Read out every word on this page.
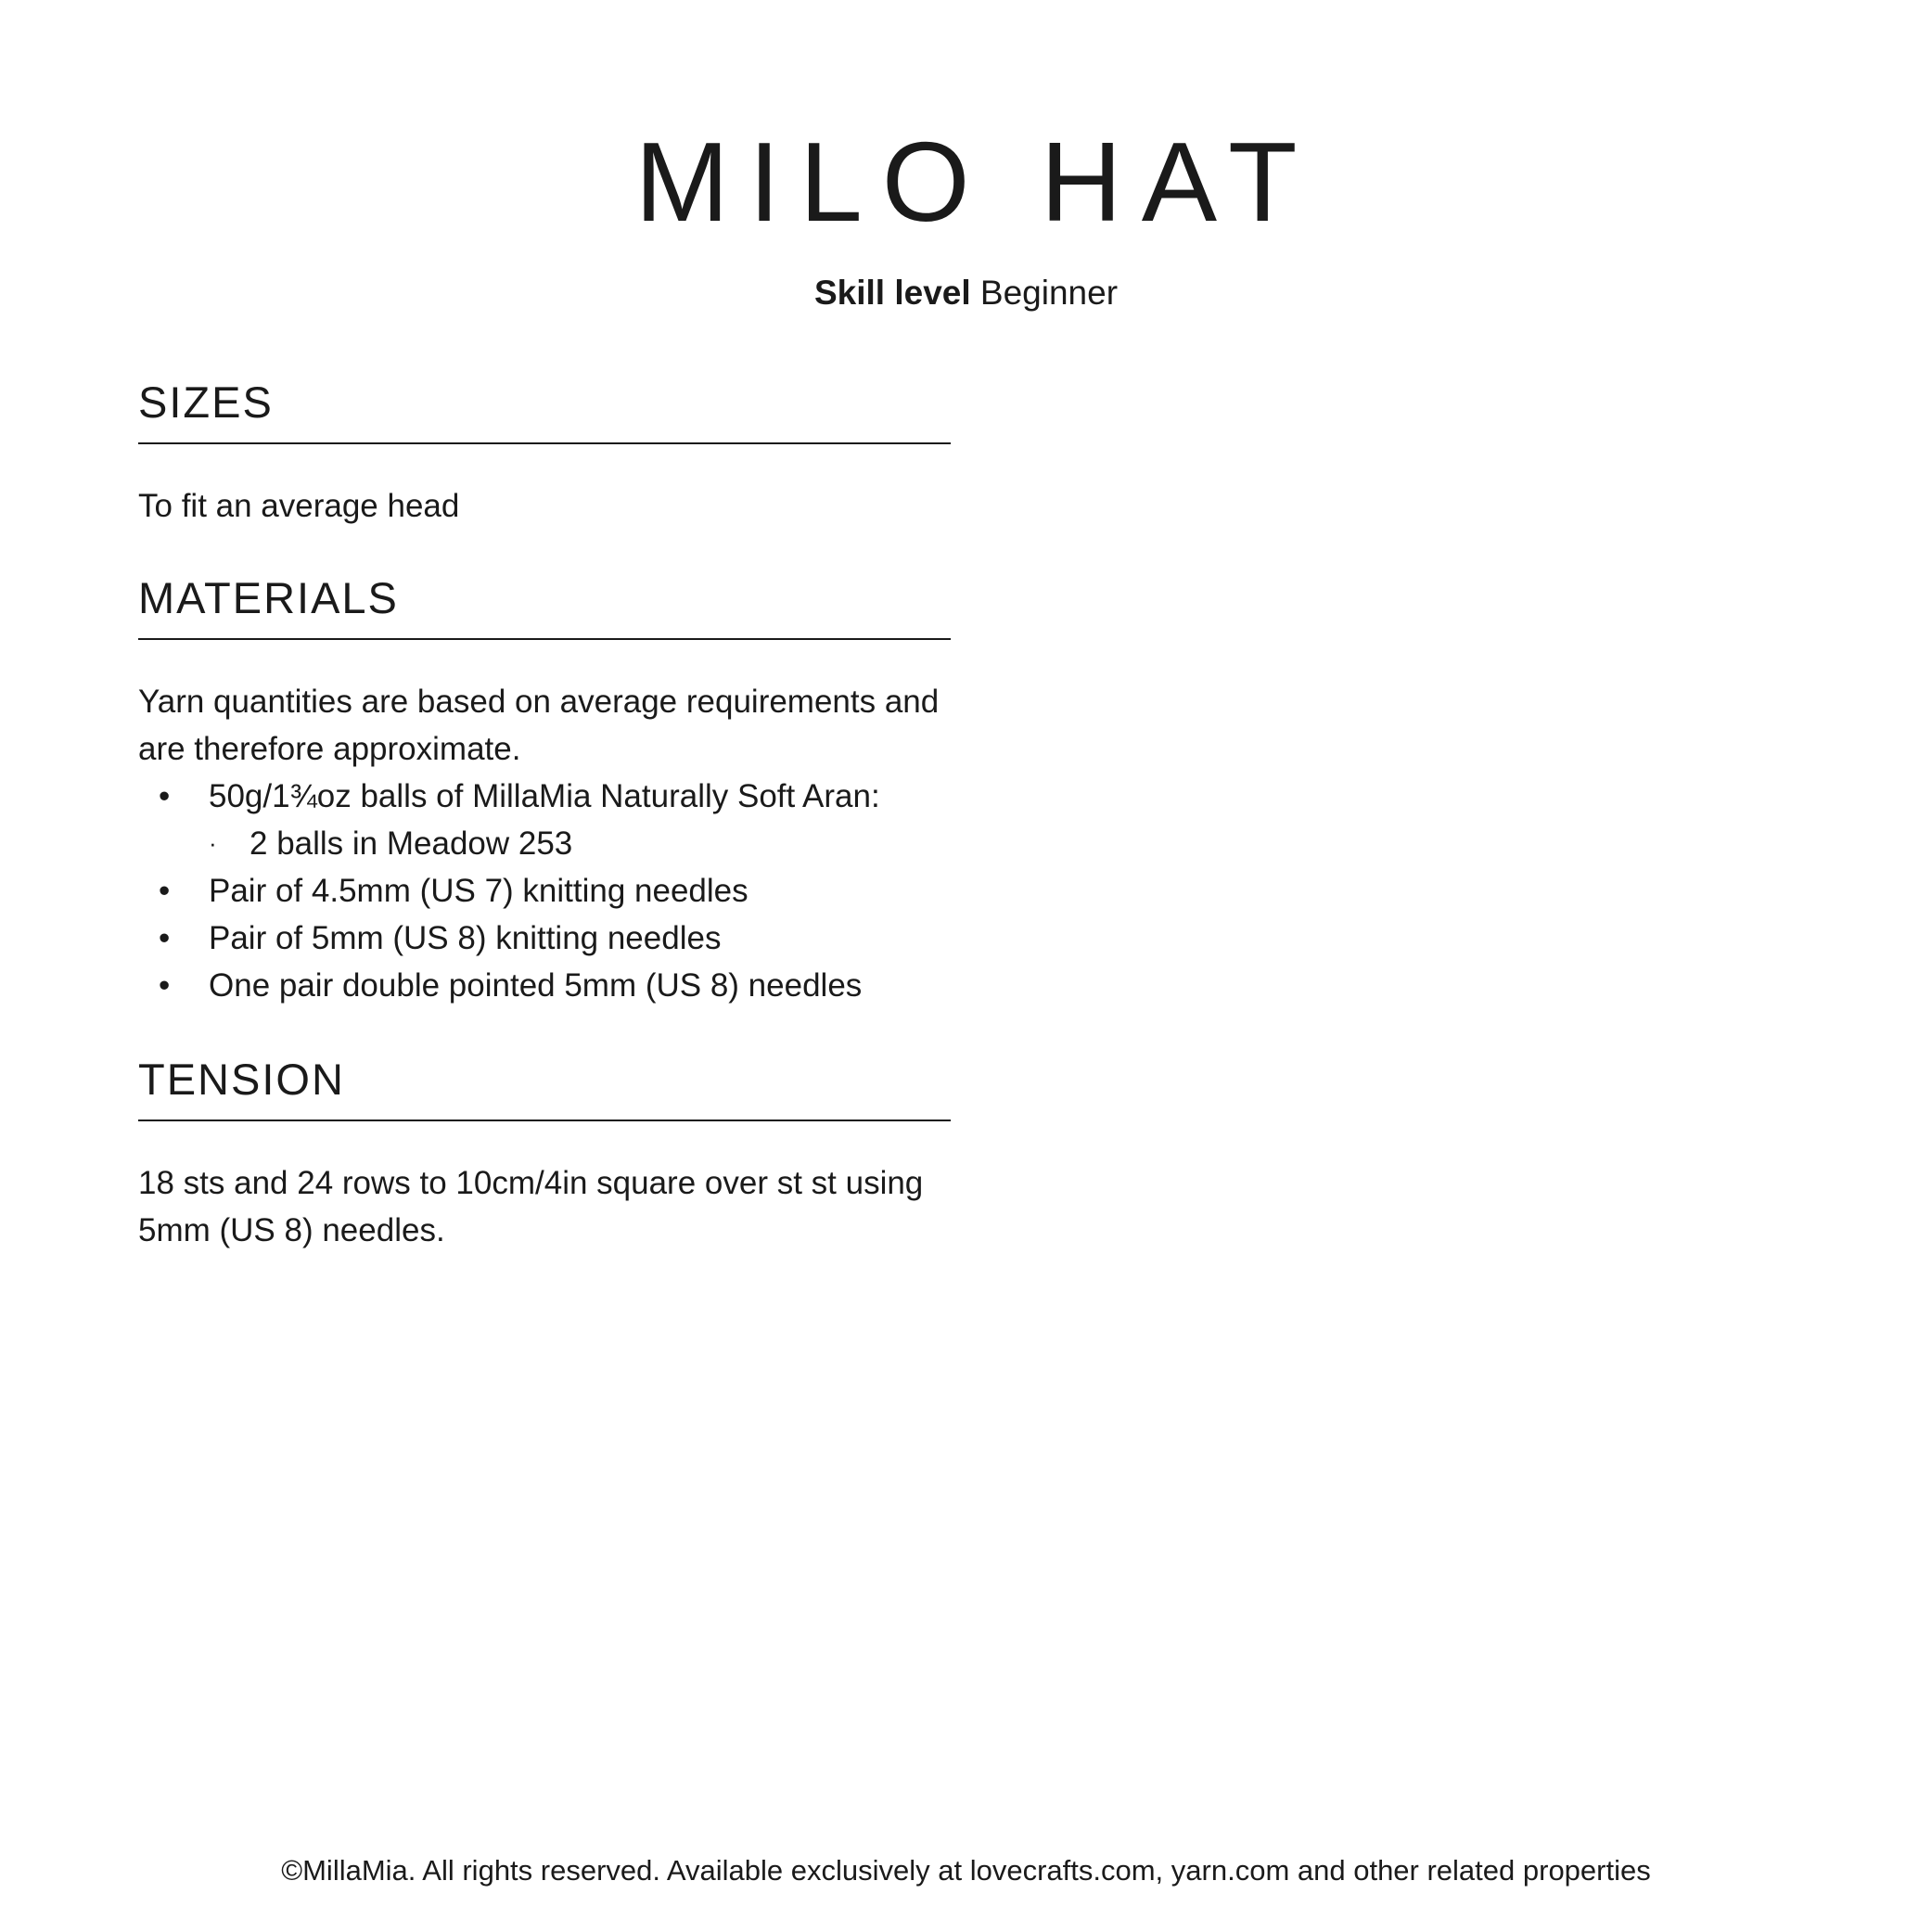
MILO HAT
Skill level Beginner
SIZES

To fit an average head

MATERIALS

Yarn quantities are based on average requirements and are therefore approximate.

• 50g/1¾oz balls of MillaMia Naturally Soft Aran:
· 2 balls in Meadow 253
• Pair of 4.5mm (US 7) knitting needles
• Pair of 5mm (US 8) knitting needles
• One pair double pointed 5mm (US 8) needles
TENSION

18 sts and 24 rows to 10cm/4in square over st st using 5mm (US 8) needles.

©MillaMia. All rights reserved. Available exclusively at lovecrafts.com, yarn.com and other related properties
